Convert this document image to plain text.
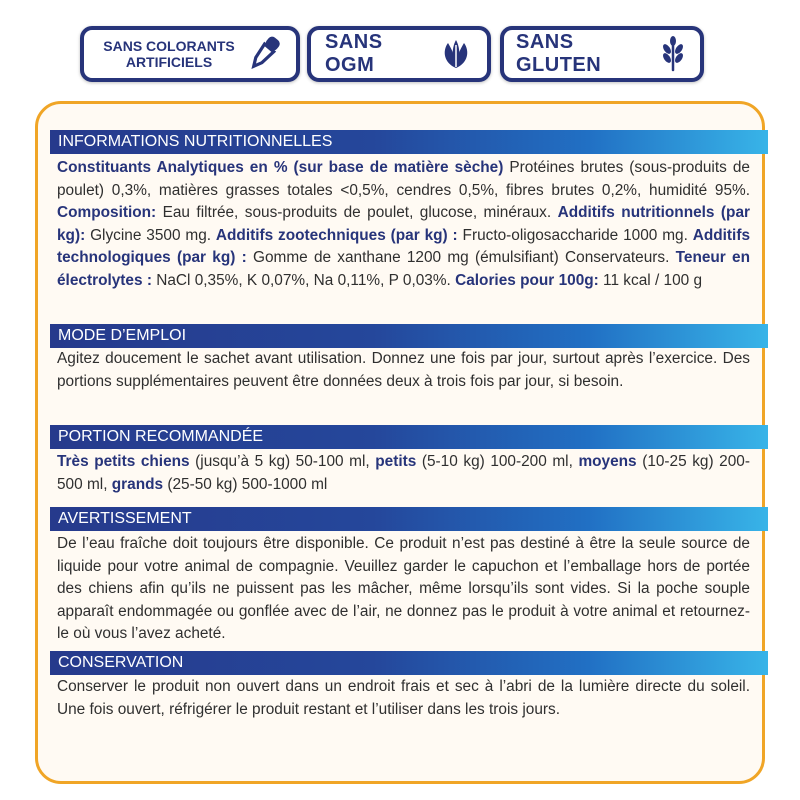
SANS COLORANTS
ARTIFICIELS
SANS OGM
SANS GLUTEN
INFORMATIONS NUTRITIONNELLES
Constituants Analytiques en % (sur base de matière sèche) Protéines brutes (sous-produits de poulet) 0,3%, matières grasses totales <0,5%, cendres 0,5%, fibres brutes 0,2%, humidité 95%. Composition: Eau filtrée, sous-produits de poulet, glucose, minéraux. Additifs nutritionnels (par kg): Glycine 3500 mg. Additifs zootechniques (par kg) : Fructo-oligosaccharide 1000 mg. Additifs technologiques (par kg) : Gomme de xanthane 1200 mg (émulsifiant) Conservateurs. Teneur en électrolytes : NaCl 0,35%, K 0,07%, Na 0,11%, P 0,03%. Calories pour 100g: 11 kcal / 100 g
MODE D’EMPLOI
Agitez doucement le sachet avant utilisation. Donnez une fois par jour, surtout après l’exercice. Des portions supplémentaires peuvent être données deux à trois fois par jour, si besoin.
PORTION RECOMMANDÉE
Très petits chiens (jusqu’à 5 kg) 50-100 ml, petits (5-10 kg) 100-200 ml, moyens (10-25 kg) 200-500 ml, grands (25-50 kg) 500-1000 ml
AVERTISSEMENT
De l’eau fraîche doit toujours être disponible. Ce produit n’est pas destiné à être la seule source de liquide pour votre animal de compagnie. Veuillez garder le capuchon et l’emballage hors de portée des chiens afin qu’ils ne puissent pas les mâcher, même lorsqu’ils sont vides. Si la poche souple apparaît endommagée ou gonflée avec de l’air, ne donnez pas le produit à votre animal et retournez-le où vous l’avez acheté.
CONSERVATION
Conserver le produit non ouvert dans un endroit frais et sec à l’abri de la lumière directe du soleil. Une fois ouvert, réfrigérer le produit restant et l’utiliser dans les trois jours.
